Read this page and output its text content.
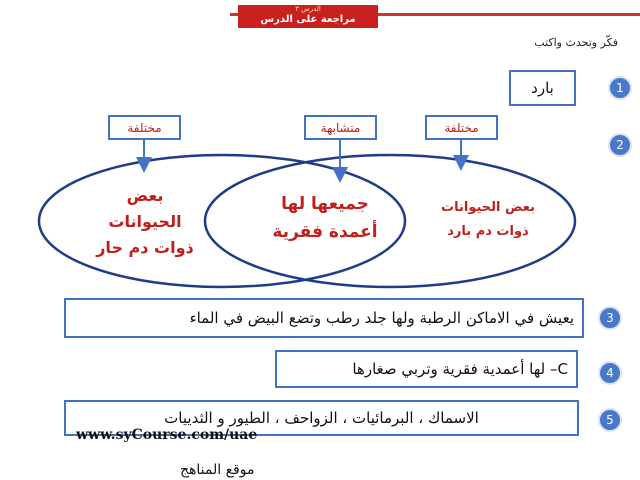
الدرس ٣
مراجعة على الدرس
فكّر وتحدث واكتب
بارد	1
2
مختلفة	متشابهة	مختلفة
بعض
الحيوانات
ذوات دم حار
جميعها لها
أعمدة فقرية
بعض الحيوانات
ذوات دم بارد
يعيش في الاماكن الرطبة ولها جلد رطب وتضع البيض في الماء	3
C– لها أعمدية فقرية وتربي صغارها	4
الاسماك ، البرمائيات ، الزواحف ، الطيور و الثدييات	5
www.syCourse.com/uae
موقع المناهج
